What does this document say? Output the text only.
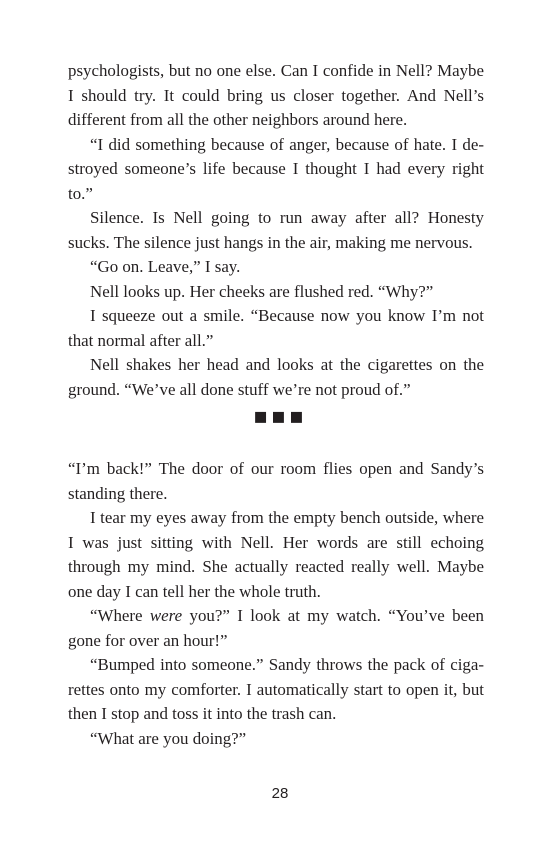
psychologists, but no one else. Can I confide in Nell? Maybe I should try. It could bring us closer together. And Nell’s different from all the other neighbors around here.

“I did something because of anger, because of hate. I destroyed someone’s life because I thought I had every right to.”

Silence. Is Nell going to run away after all? Honesty sucks. The silence just hangs in the air, making me nervous.

“Go on. Leave,” I say.

Nell looks up. Her cheeks are flushed red. “Why?”

I squeeze out a smile. “Because now you know I’m not that normal after all.”

Nell shakes her head and looks at the cigarettes on the ground. “We’ve all done stuff we’re not proud of.”

▪▪▪

“I’m back!” The door of our room flies open and Sandy’s standing there.

I tear my eyes away from the empty bench outside, where I was just sitting with Nell. Her words are still echoing through my mind. She actually reacted really well. Maybe one day I can tell her the whole truth.

“Where were you?” I look at my watch. “You’ve been gone for over an hour!”

“Bumped into someone.” Sandy throws the pack of cigarettes onto my comforter. I automatically start to open it, but then I stop and toss it into the trash can.

“What are you doing?”

28
